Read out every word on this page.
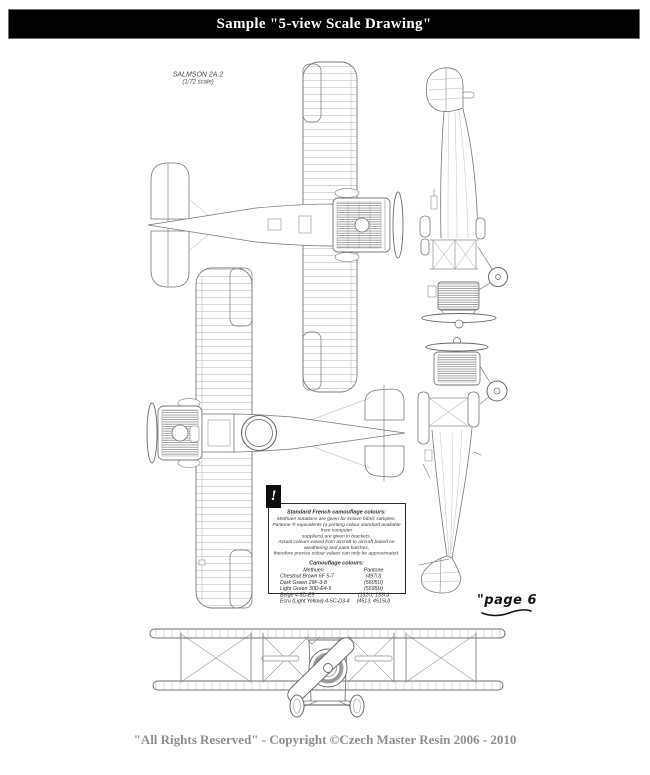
Sample "5-view Scale Drawing"
SALMSON 2A.2
(1/72 scale)
!
Standard French camouflage colours:
Methuen notations are given for known fabric samples.
Pantone ® equivalents (a printing colour standard available from computer
suppliers) are given in brackets.
Actual colours varied from aircraft to aircraft based on weathering and paint batches,
therefore precise colour values can only be approximated.
Camouflage colours:
Methuen	Pantone
Chestnut Brown 6F 5-7	(497U)
Dark Green 29F-3-8	(5605U)
Light Green 30D-E4-5	(5595U)
Beige 4-5D-E5	(132U, 133U)
Ecru (Light Yellow) 4-5C-D3-4 (4513, 4515U)	"page 6
"All Rights Reserved" - Copyright ©Czech Master Resin 2006 - 2010
